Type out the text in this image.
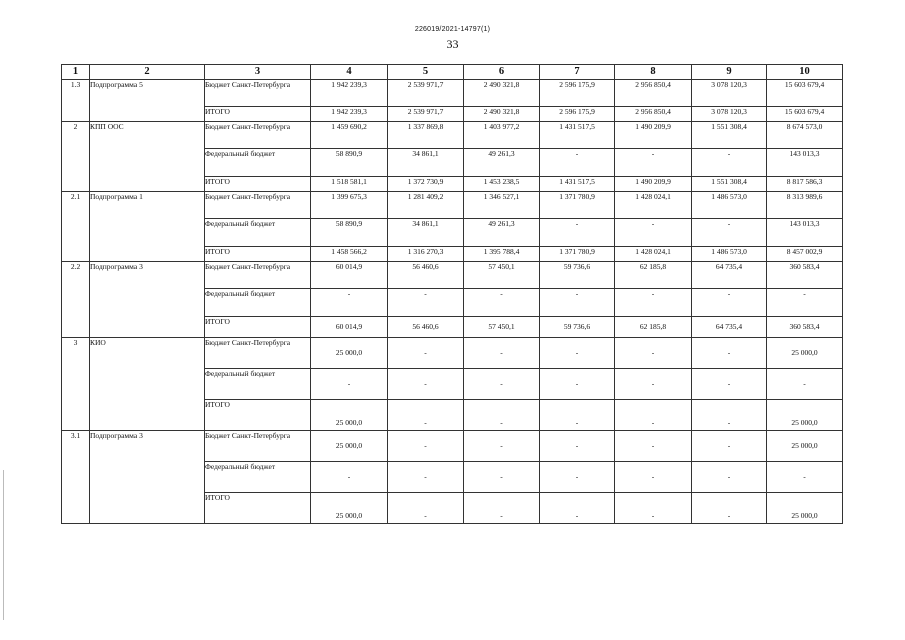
226019/2021-14797(1)
33
1	2	3	4	5	6	7	8	9	10
1.3	Подпрограмма 5	Бюджет Санкт-Петербурга	1 942 239,3	2 539 971,7	2 490 321,8	2 596 175,9	2 956 850,4	3 078 120,3	15 603 679,4
		ИТОГО	1 942 239,3	2 539 971,7	2 490 321,8	2 596 175,9	2 956 850,4	3 078 120,3	15 603 679,4
2	КПП ООС	Бюджет Санкт-Петербурга	1 459 690,2	1 337 869,8	1 403 977,2	1 431 517,5	1 490 209,9	1 551 308,4	8 674 573,0
		Федеральный бюджет	58 890,9	34 861,1	49 261,3	-	-	-	143 013,3
		ИТОГО	1 518 581,1	1 372 730,9	1 453 238,5	1 431 517,5	1 490 209,9	1 551 308,4	8 817 586,3
2.1	Подпрограмма 1	Бюджет Санкт-Петербурга	1 399 675,3	1 281 409,2	1 346 527,1	1 371 780,9	1 428 024,1	1 486 573,0	8 313 989,6
		Федеральный бюджет	58 890,9	34 861,1	49 261,3	-	-	-	143 013,3
		ИТОГО	1 458 566,2	1 316 270,3	1 395 788,4	1 371 780,9	1 428 024,1	1 486 573,0	8 457 002,9
2.2	Подпрограмма 3	Бюджет Санкт-Петербурга	60 014,9	56 460,6	57 450,1	59 736,6	62 185,8	64 735,4	360 583,4
		Федеральный бюджет	-	-	-	-	-	-	-
		ИТОГО	60 014,9	56 460,6	57 450,1	59 736,6	62 185,8	64 735,4	360 583,4
3	КИО	Бюджет Санкт-Петербурга	25 000,0	-	-	-	-	-	25 000,0
		Федеральный бюджет	-	-	-	-	-	-	-
		ИТОГО	25 000,0	-	-	-	-	-	25 000,0
3.1	Подпрограмма 3	Бюджет Санкт-Петербурга	25 000,0	-	-	-	-	-	25 000,0
		Федеральный бюджет	-	-	-	-	-	-	-
		ИТОГО	25 000,0	-	-	-	-	-	25 000,0
